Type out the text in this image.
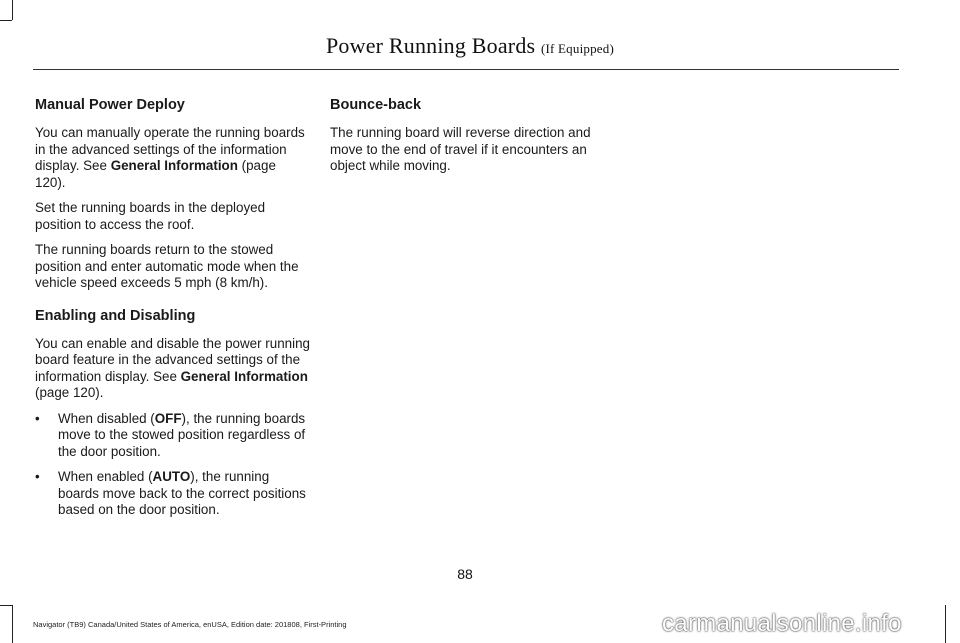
Power Running Boards (If Equipped)
Manual Power Deploy

You can manually operate the running boards in the advanced settings of the information display. See General Information (page 120).

Set the running boards in the deployed position to access the roof.

The running boards return to the stowed position and enter automatic mode when the vehicle speed exceeds 5 mph (8 km/h).

Enabling and Disabling

You can enable and disable the power running board feature in the advanced settings of the information display. See General Information (page 120).

• When disabled (OFF), the running boards move to the stowed position regardless of the door position.
• When enabled (AUTO), the running boards move back to the correct positions based on the door position.
Bounce-back

The running board will reverse direction and move to the end of travel if it encounters an object while moving.

88
Navigator (TB9) Canada/United States of America, enUSA, Edition date: 201808, First-Printing	carmanualsonline.info
